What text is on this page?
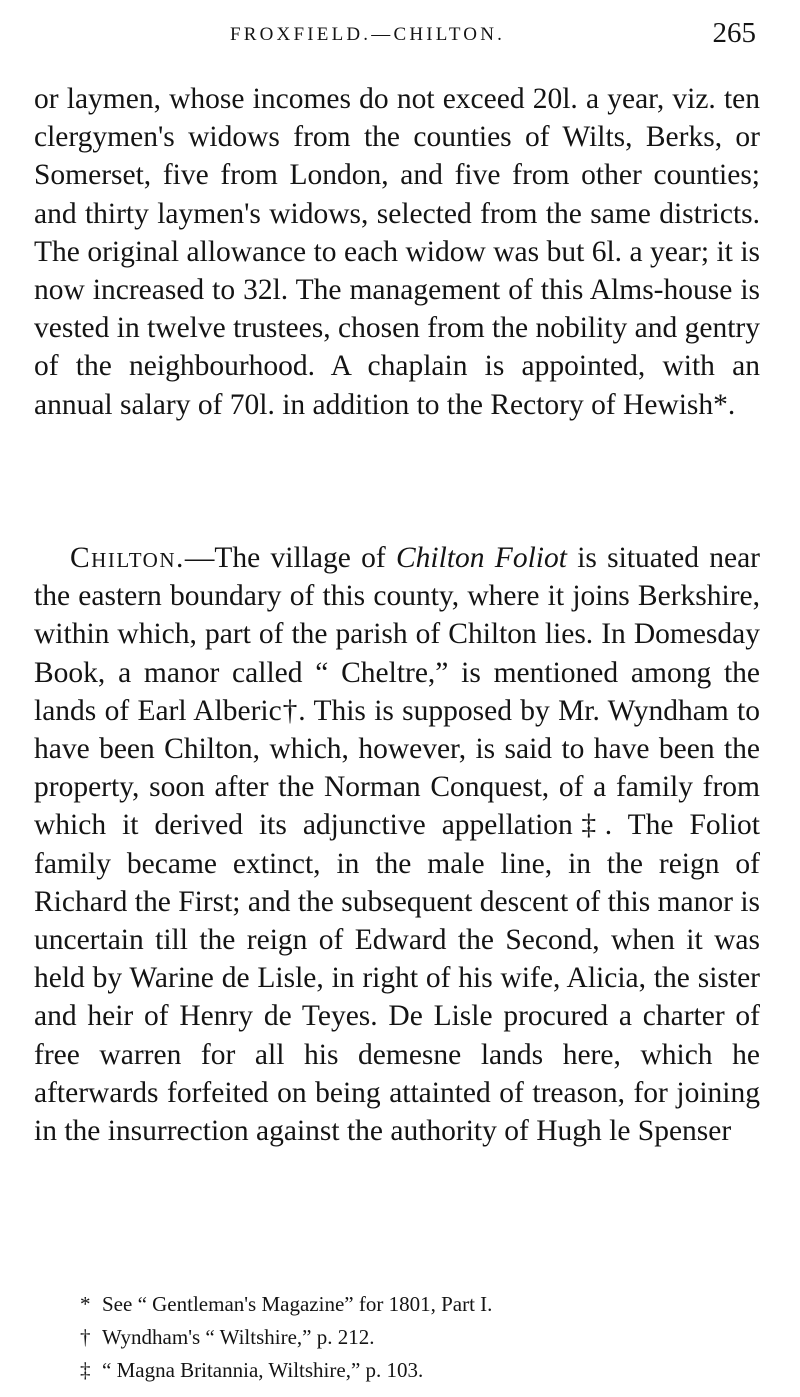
FROXFIELD.—CHILTON.	265

or laymen, whose incomes do not exceed 20l. a year, viz. ten clergymen's widows from the counties of Wilts, Berks, or Somerset, five from London, and five from other counties; and thirty laymen's widows, selected from the same districts. The original allowance to each widow was but 6l. a year; it is now increased to 32l. The management of this Alms-house is vested in twelve trustees, chosen from the nobility and gentry of the neighbourhood. A chaplain is appointed, with an annual salary of 70l. in addition to the Rectory of Hewish*.

Chilton.—The village of Chilton Foliot is situated near the eastern boundary of this county, where it joins Berkshire, within which, part of the parish of Chilton lies. In Domesday Book, a manor called “ Cheltre,” is mentioned among the lands of Earl Alberic†. This is supposed by Mr. Wyndham to have been Chilton, which, however, is said to have been the property, soon after the Norman Conquest, of a family from which it derived its adjunctive appellation‡. The Foliot family became extinct, in the male line, in the reign of Richard the First; and the subsequent descent of this manor is uncertain till the reign of Edward the Second, when it was held by Warine de Lisle, in right of his wife, Alicia, the sister and heir of Henry de Teyes. De Lisle procured a charter of free warren for all his demesne lands here, which he afterwards forfeited on being attainted of treason, for joining in the insurrection against the authority of Hugh le Spenser

* See “ Gentleman's Magazine” for 1801, Part I.

† Wyndham's “ Wiltshire,” p. 212.

‡ “ Magna Britannia, Wiltshire,” p. 103.
